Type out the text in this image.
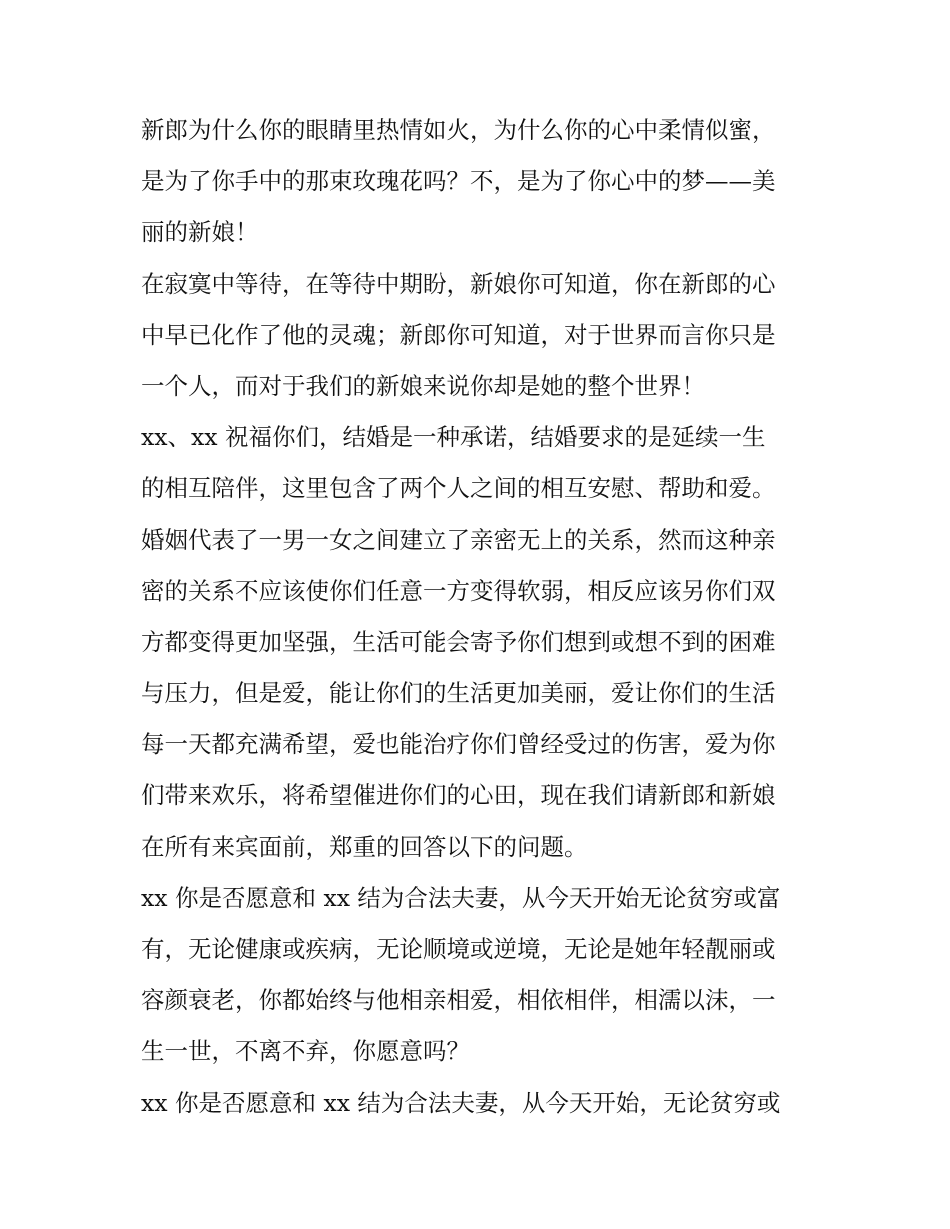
新郎为什么你的眼睛里热情如火，为什么你的心中柔情似蜜，
是为了你手中的那束玫瑰花吗？不，是为了你心中的梦——美
丽的新娘！
在寂寞中等待，在等待中期盼，新娘你可知道，你在新郎的心
中早已化作了他的灵魂；新郎你可知道，对于世界而言你只是
一个人，而对于我们的新娘来说你却是她的整个世界！
xx、xx 祝福你们，结婚是一种承诺，结婚要求的是延续一生
的相互陪伴，这里包含了两个人之间的相互安慰、帮助和爱。
婚姻代表了一男一女之间建立了亲密无上的关系，然而这种亲
密的关系不应该使你们任意一方变得软弱，相反应该另你们双
方都变得更加坚强，生活可能会寄予你们想到或想不到的困难
与压力，但是爱，能让你们的生活更加美丽，爱让你们的生活
每一天都充满希望，爱也能治疗你们曾经受过的伤害，爱为你
们带来欢乐，将希望催进你们的心田，现在我们请新郎和新娘
在所有来宾面前，郑重的回答以下的问题。
xx 你是否愿意和 xx 结为合法夫妻，从今天开始无论贫穷或富
有，无论健康或疾病，无论顺境或逆境，无论是她年轻靓丽或
容颜衰老，你都始终与他相亲相爱，相依相伴，相濡以沫，一
生一世，不离不弃，你愿意吗？
xx 你是否愿意和 xx 结为合法夫妻，从今天开始，无论贫穷或
